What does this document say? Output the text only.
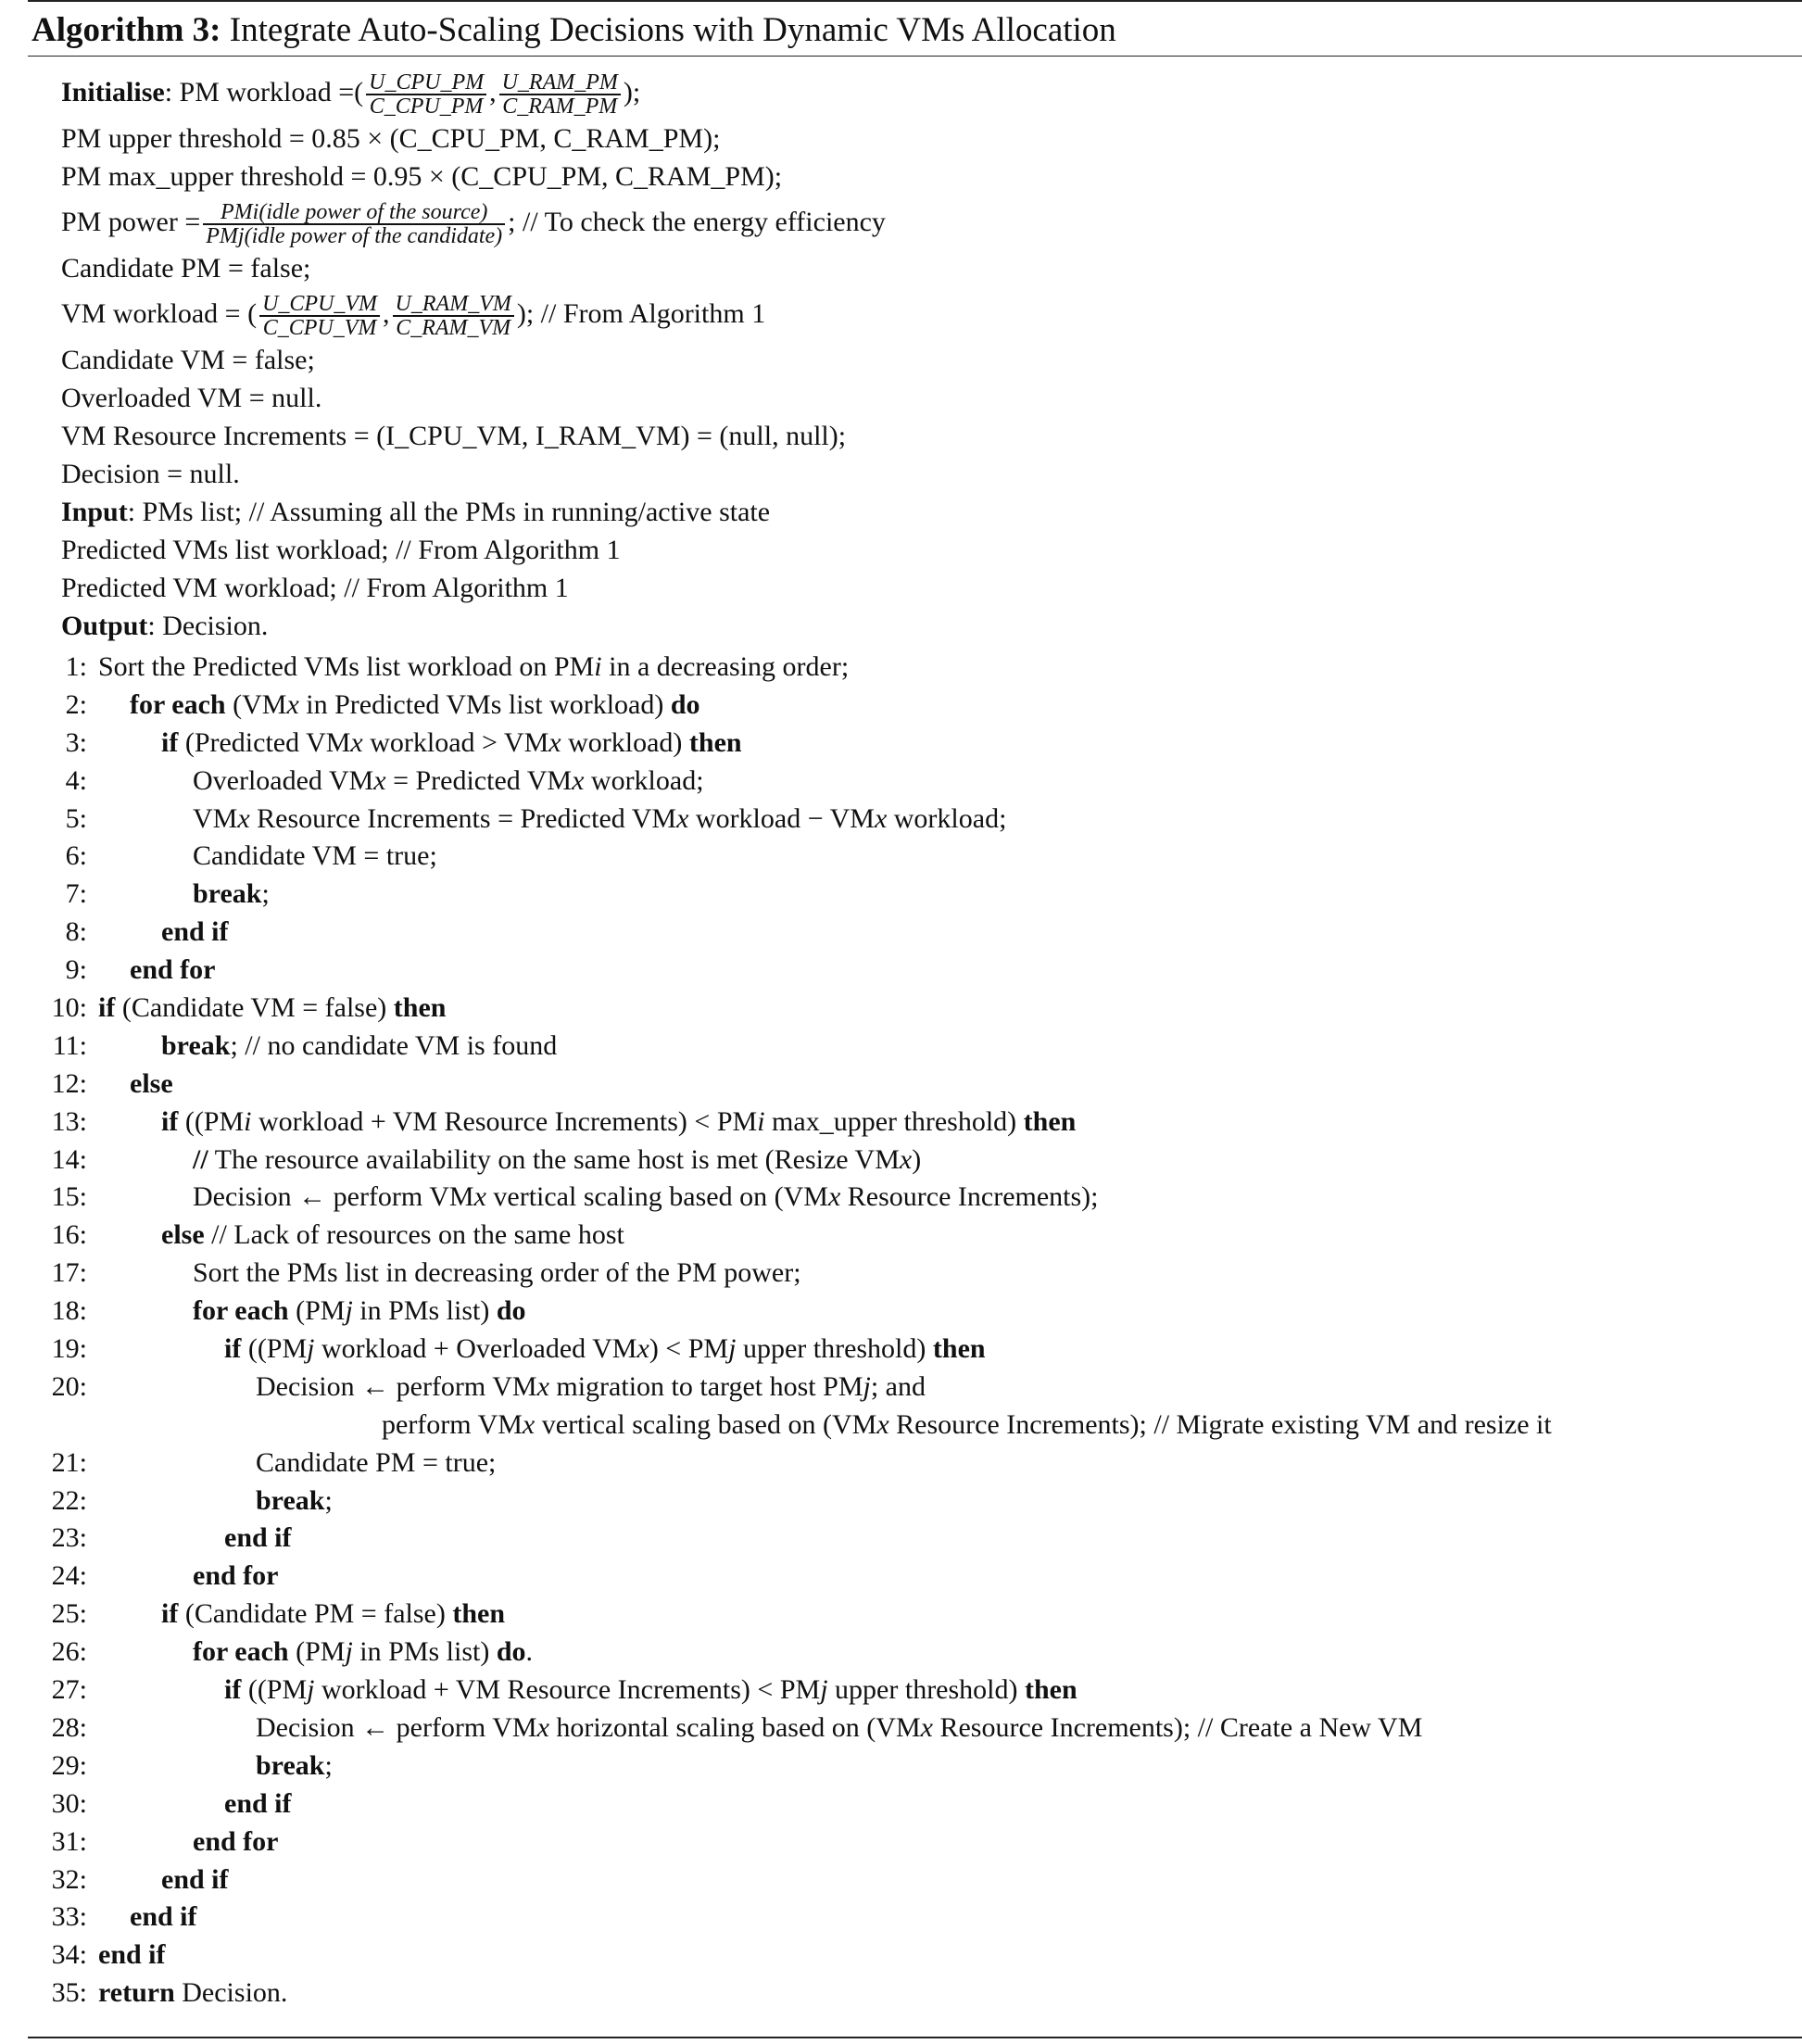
Algorithm 3: Integrate Auto-Scaling Decisions with Dynamic VMs Allocation
Initialise: PM workload =( $\frac{\text{U\_CPU\_PM}}{\text{C\_CPU\_PM}}$ , $\frac{\text{U\_RAM\_PM}}{\text{C\_RAM\_PM}}$ );
PM upper threshold = 0.85 × (C_CPU_PM, C_RAM_PM);
PM max_upper threshold = 0.95 × (C_CPU_PM, C_RAM_PM);
PM power = $\frac{\text{PMi(idle power of the source)}}{\text{PMj(idle power of the candidate)}}$ ; // To check the energy efficiency
Candidate PM = false;
VM workload = ( $\frac{\text{U\_CPU\_VM}}{\text{C\_CPU\_VM}}$ , $\frac{\text{U\_RAM\_VM}}{\text{C\_RAM\_VM}}$ ); // From Algorithm 1
Candidate VM = false;
Overloaded VM = null.
VM Resource Increments = (I_CPU_VM, I_RAM_VM) = (null, null);
Decision = null.
Input: PMs list; // Assuming all the PMs in running/active state
Predicted VMs list workload; // From Algorithm 1
Predicted VM workload; // From Algorithm 1
Output: Decision.
1: Sort the Predicted VMs list workload on PMi in a decreasing order;
2:	for each (VMx in Predicted VMs list workload) do
3:	if (Predicted VMx workload > VMx workload) then
4:	Overloaded VMx = Predicted VMx workload;
5:	VMx Resource Increments = Predicted VMx workload − VMx workload;
6:	Candidate VM = true;
7:	break;
8:	end if
9:	end for
10: if (Candidate VM = false) then
11:	break; // no candidate VM is found
12:	else
13:	if ((PMi workload + VM Resource Increments) < PMi max_upper threshold) then
14:	// The resource availability on the same host is met (Resize VMx)
15:	Decision ← perform VMx vertical scaling based on (VMx Resource Increments);
16:	else // Lack of resources on the same host
17:	Sort the PMs list in decreasing order of the PM power;
18:	for each (PMj in PMs list) do
19:	if ((PMj workload + Overloaded VMx) < PMj upper threshold) then
20:	Decision ← perform VMx migration to target host PMj; and
perform VMx vertical scaling based on (VMx Resource Increments); // Migrate existing VM and resize it
21:	Candidate PM = true;
22:	break;
23:	end if
24:	end for
25:	if (Candidate PM = false) then
26:	for each (PMj in PMs list) do.
27:	if ((PMj workload + VM Resource Increments) < PMj upper threshold) then
28:	Decision ← perform VMx horizontal scaling based on (VMx Resource Increments); // Create a New VM
29:	break;
30:	end if
31:	end for
32:	end if
33:	end if
34: end if
35: return Decision.
